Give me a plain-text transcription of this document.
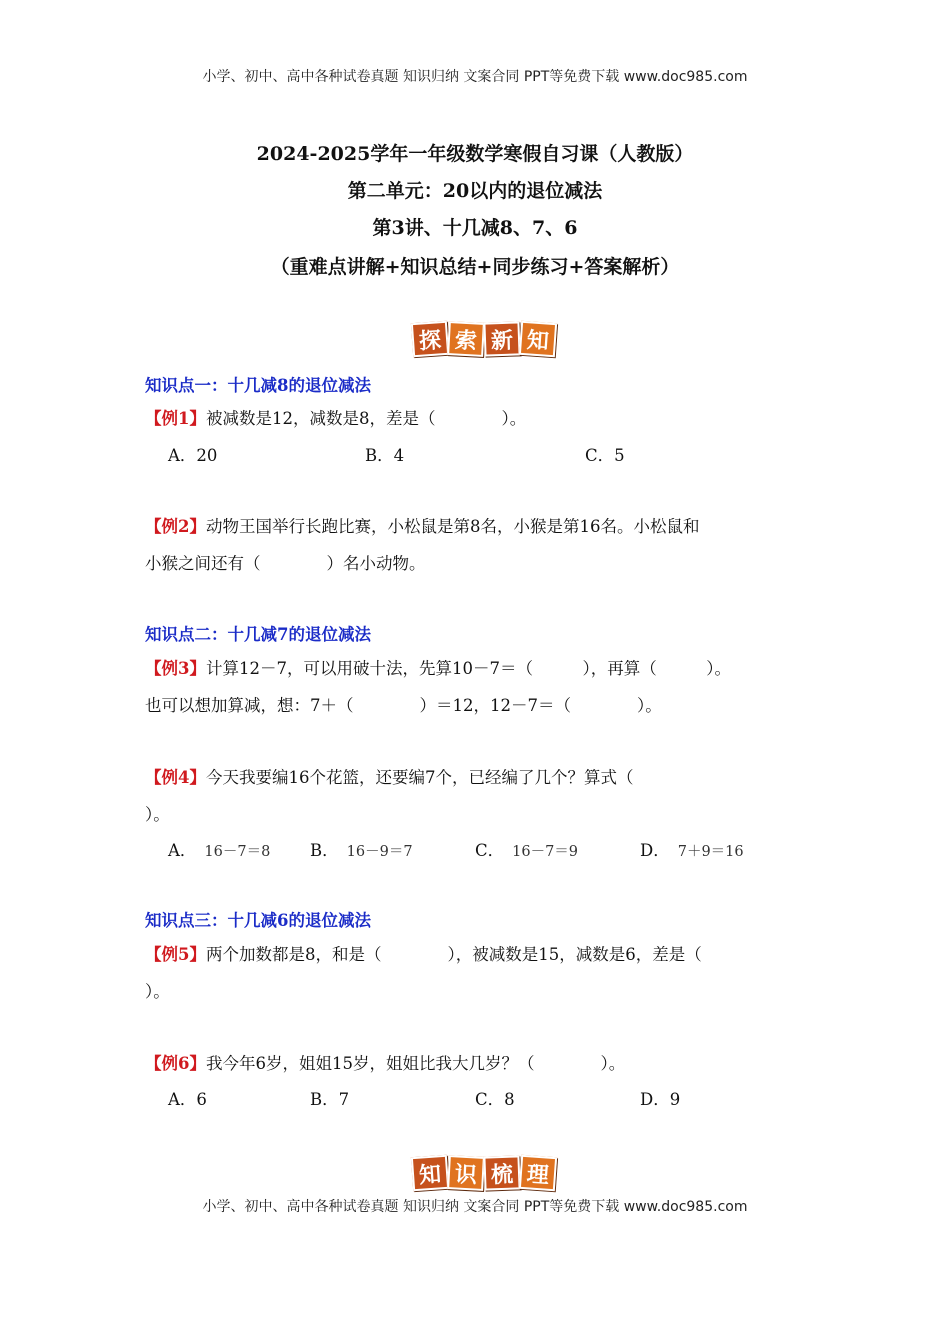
小学、初中、高中各种试卷真题 知识归纳 文案合同 PPT等免费下载 www.doc985.com
2024-2025学年一年级数学寒假自习课（人教版）
第二单元：20以内的退位减法
第3讲、十几减8、7、6
（重难点讲解+知识总结+同步练习+答案解析）
探 索 新 知
知识点一：十几减8的退位减法
【例1】被减数是12，减数是8，差是（　　　　）。
A．20	B．4	C．5
【例2】动物王国举行长跑比赛，小松鼠是第8名，小猴是第16名。小松鼠和
小猴之间还有（　　　　）名小动物。
知识点二：十几减7的退位减法
【例3】计算12－7，可以用破十法，先算10－7＝（　　　），再算（　　　）。
也可以想加算减，想：7＋（　　　　）＝12，12－7＝（　　　　）。
【例4】今天我要编16个花篮，还要编7个，已经编了几个？算式（
）。
A． 16－7＝8 B． 16－9＝7	C． 16－7＝9	D． 7＋9＝16
知识点三：十几减6的退位减法
【例5】两个加数都是8，和是（　　　　），被减数是15，减数是6，差是（
）。
【例6】我今年6岁，姐姐15岁，姐姐比我大几岁？（　　　　）。
A．6	B．7	C．8	D．9
知 识 梳 理
小学、初中、高中各种试卷真题 知识归纳 文案合同 PPT等免费下载 www.doc985.com
